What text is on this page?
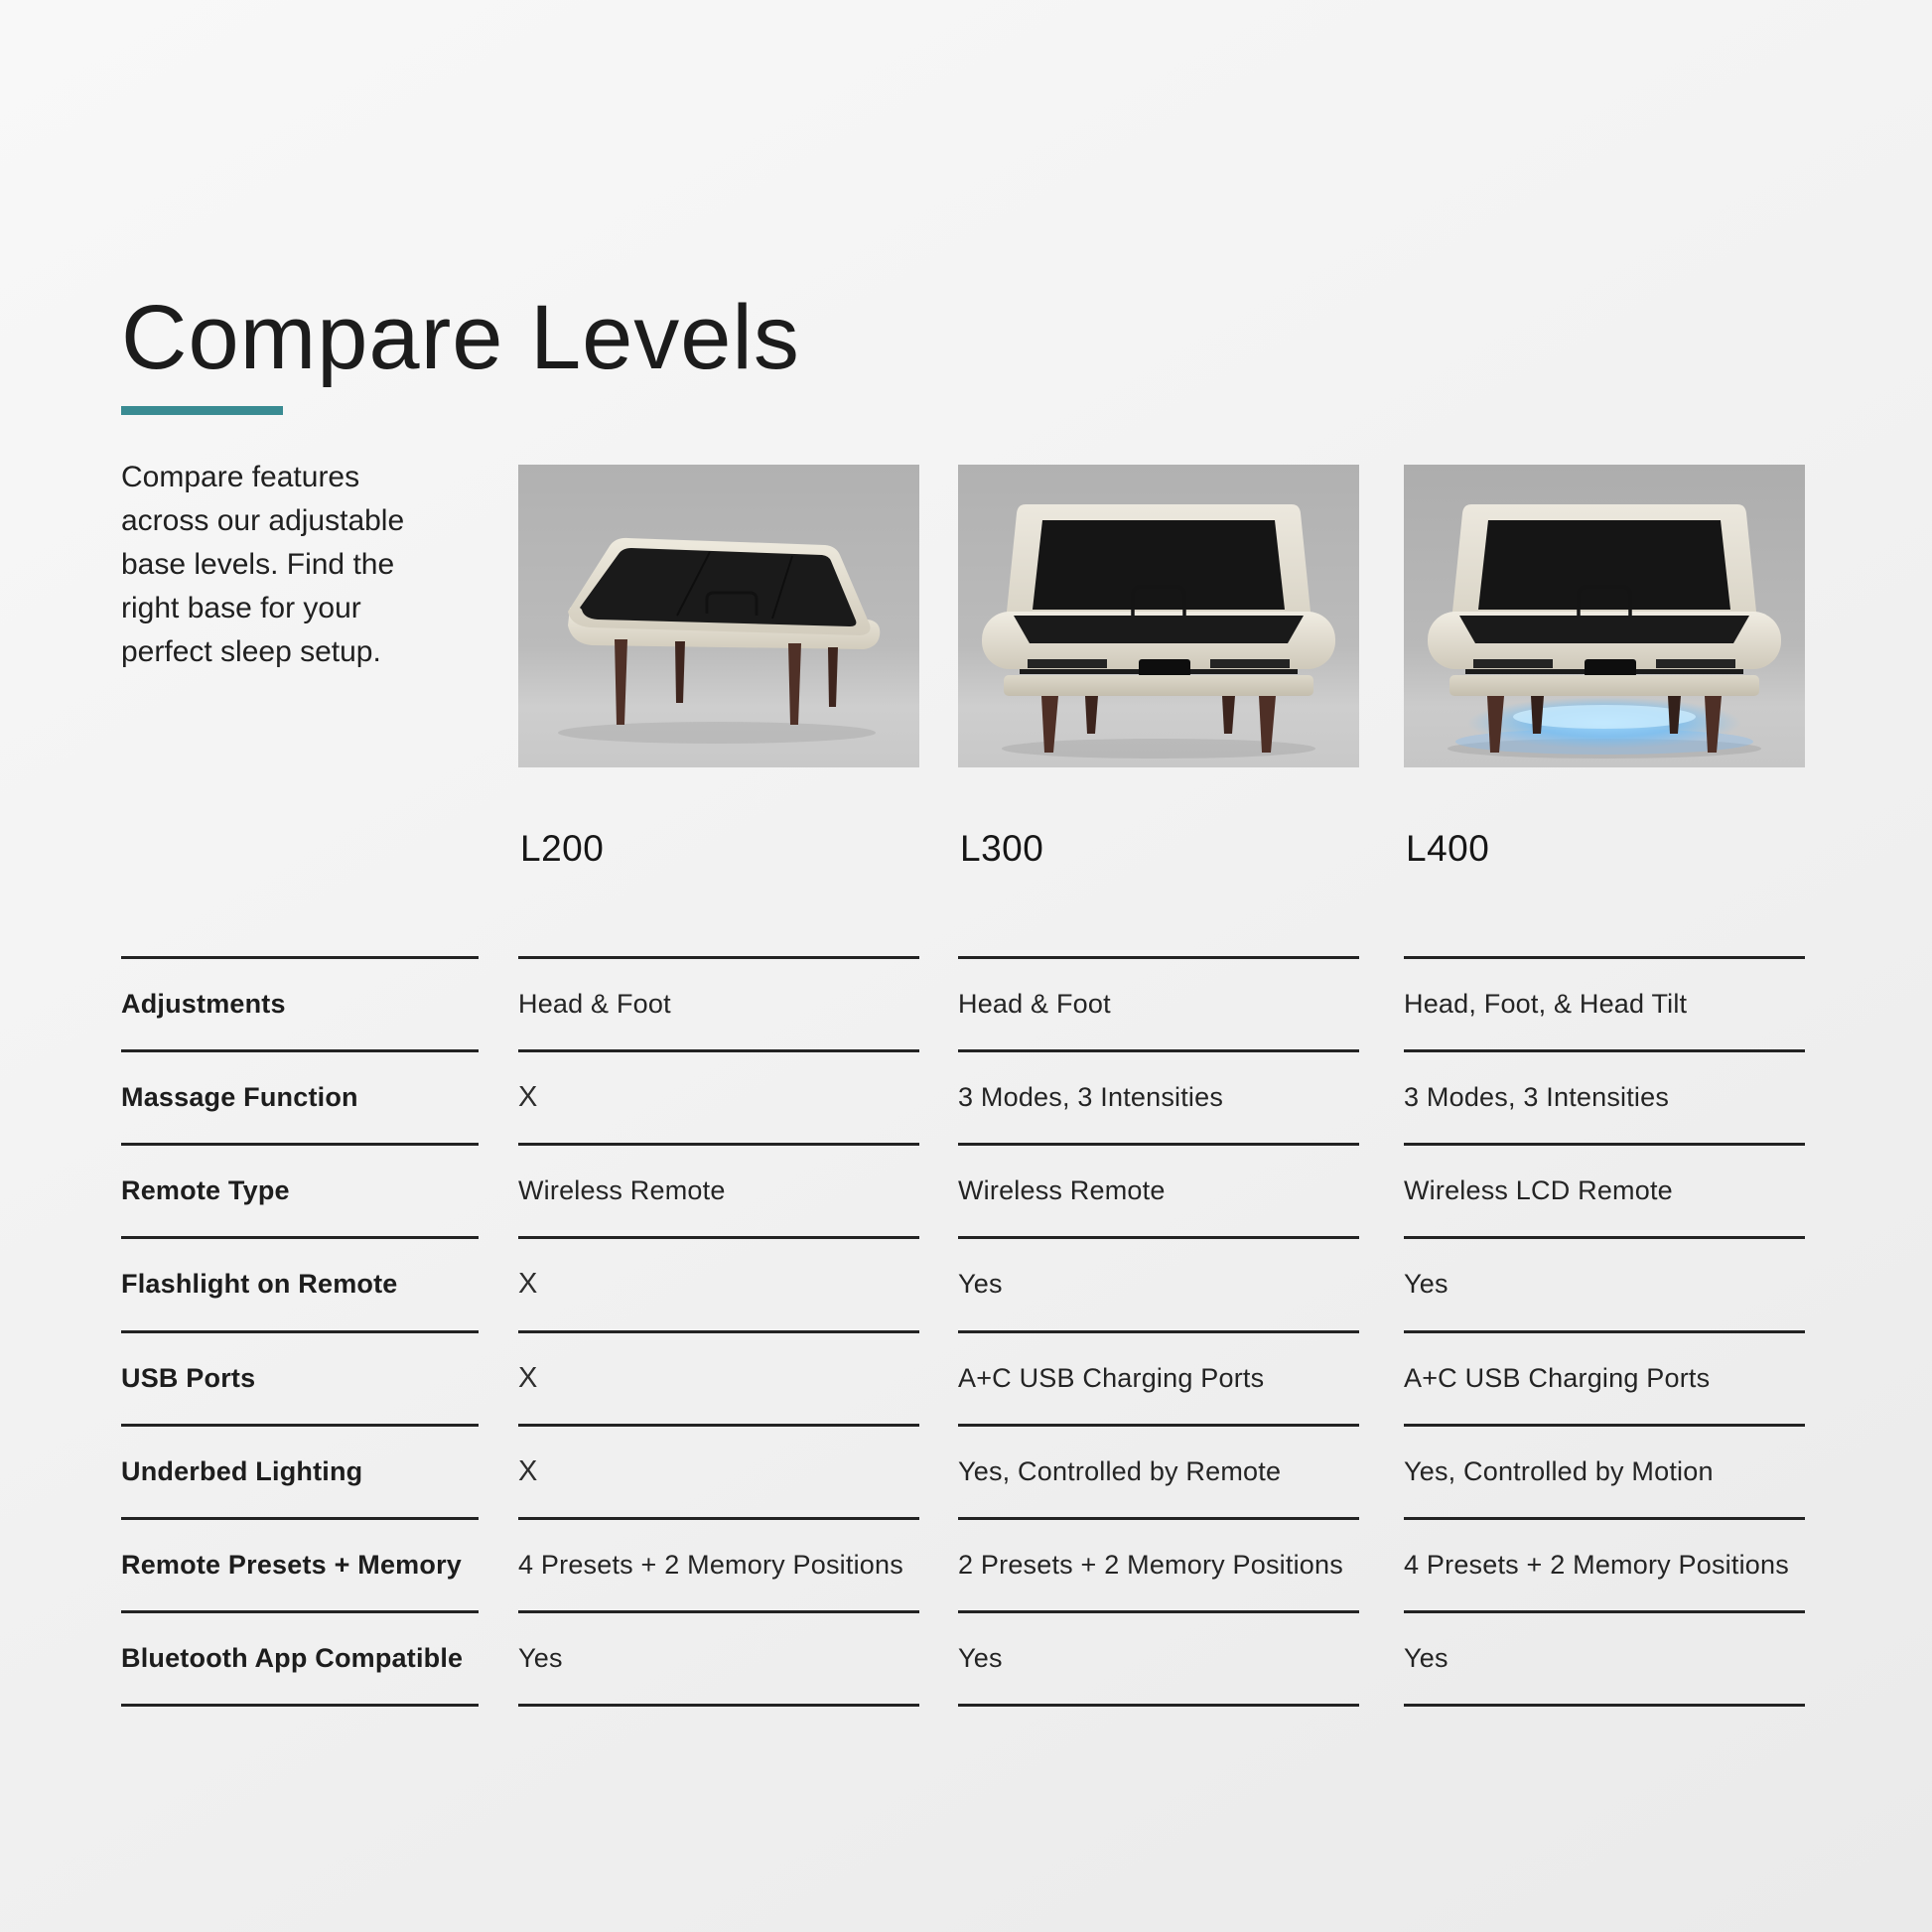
Compare Levels
Compare features
across our adjustable
base levels. Find the
right base for your
perfect sleep setup.
L200	L300	L400
Adjustments
Massage Function
Remote Type
Flashlight on Remote
USB Ports
Underbed Lighting
Remote Presets + Memory
Bluetooth App Compatible
Head & Foot
X
Wireless Remote
X
X
X
4 Presets + 2 Memory Positions
Yes
Head & Foot
3 Modes, 3 Intensities
Wireless Remote
Yes
A+C USB Charging Ports
Yes, Controlled by Remote
2 Presets + 2 Memory Positions
Yes
Head, Foot, & Head Tilt
3 Modes, 3 Intensities
Wireless LCD Remote
Yes
A+C USB Charging Ports
Yes, Controlled by Motion
4 Presets + 2 Memory Positions
Yes
